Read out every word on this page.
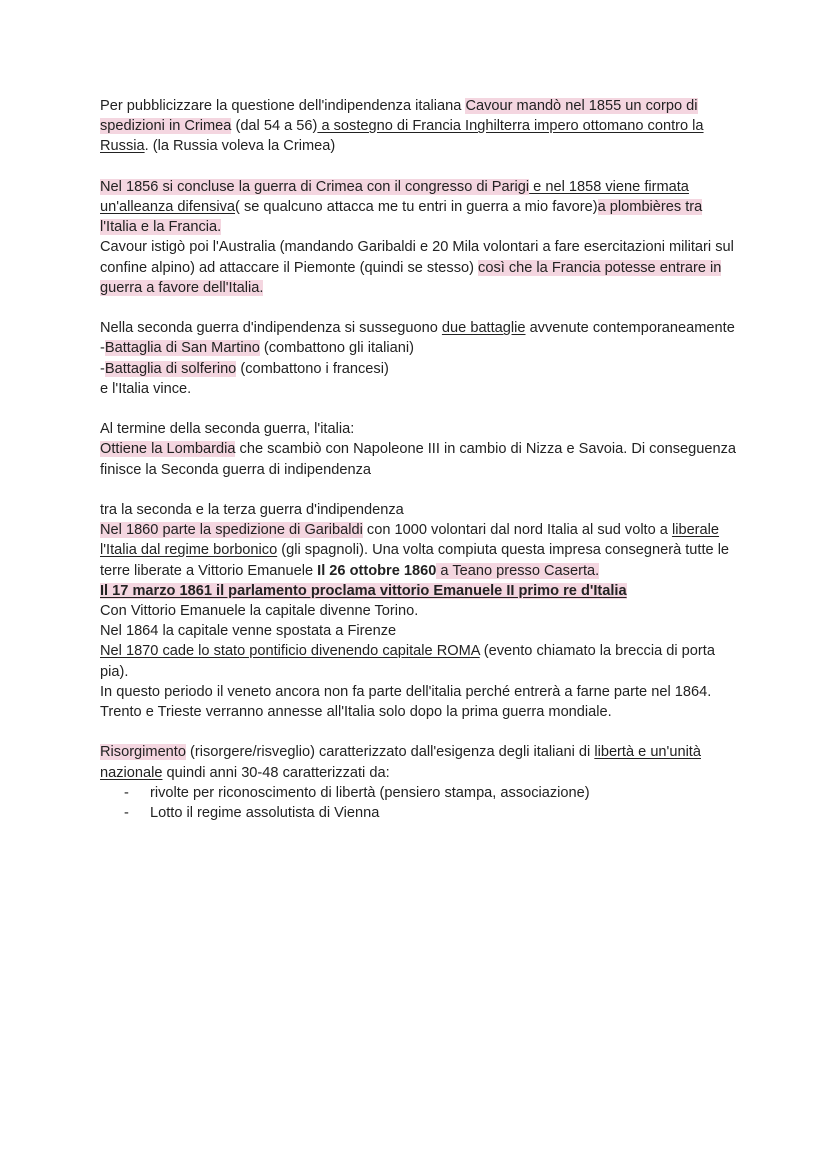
Per pubblicizzare la questione dell'indipendenza italiana Cavour mandò nel 1855 un corpo di spedizioni in Crimea (dal 54 a 56) a sostegno di Francia Inghilterra impero ottomano contro la Russia. (la Russia voleva la Crimea)

Nel 1856 si concluse la guerra di Crimea con il congresso di Parigi e nel 1858 viene firmata un'alleanza difensiva( se qualcuno attacca me tu entri in guerra a mio favore)a plombières tra l'Italia e la Francia.

Cavour istigò poi l'Australia (mandando Garibaldi e 20 Mila volontari a fare esercitazioni militari sul confine alpino) ad attaccare il Piemonte (quindi se stesso) così che la Francia potesse entrare in guerra a favore dell'Italia.

Nella seconda guerra d'indipendenza si susseguono due battaglie avvenute contemporaneamente

-Battaglia di San Martino (combattono gli italiani)

-Battaglia di solferino (combattono i francesi)

e l'Italia vince.

Al termine della seconda guerra, l'italia:

Ottiene la Lombardia che scambiò con Napoleone III in cambio di Nizza e Savoia. Di conseguenza finisce la Seconda guerra di indipendenza

tra la seconda e la terza guerra d'indipendenza

Nel 1860 parte la spedizione di Garibaldi con 1000 volontari dal nord Italia al sud volto a liberale l'Italia dal regime borbonico (gli spagnoli). Una volta compiuta questa impresa consegnerà tutte le terre liberate a Vittorio Emanuele Il 26 ottobre 1860 a Teano presso Caserta.

Il 17 marzo 1861 il parlamento proclama vittorio Emanuele II primo re d'Italia

Con Vittorio Emanuele la capitale divenne Torino.

Nel 1864 la capitale venne spostata a Firenze

Nel 1870 cade lo stato pontificio divenendo capitale ROMA (evento chiamato la breccia di porta pia).

In questo periodo il veneto ancora non fa parte dell'italia perché entrerà a farne parte nel 1864.

Trento e Trieste verranno annesse all'Italia solo dopo la prima guerra mondiale.

Risorgimento (risorgere/risveglio) caratterizzato dall'esigenza degli italiani di libertà e un'unità nazionale quindi anni 30-48 caratterizzati da:

- rivolte per riconoscimento di libertà (pensiero stampa, associazione)
- Lotto il regime assolutista di Vienna
